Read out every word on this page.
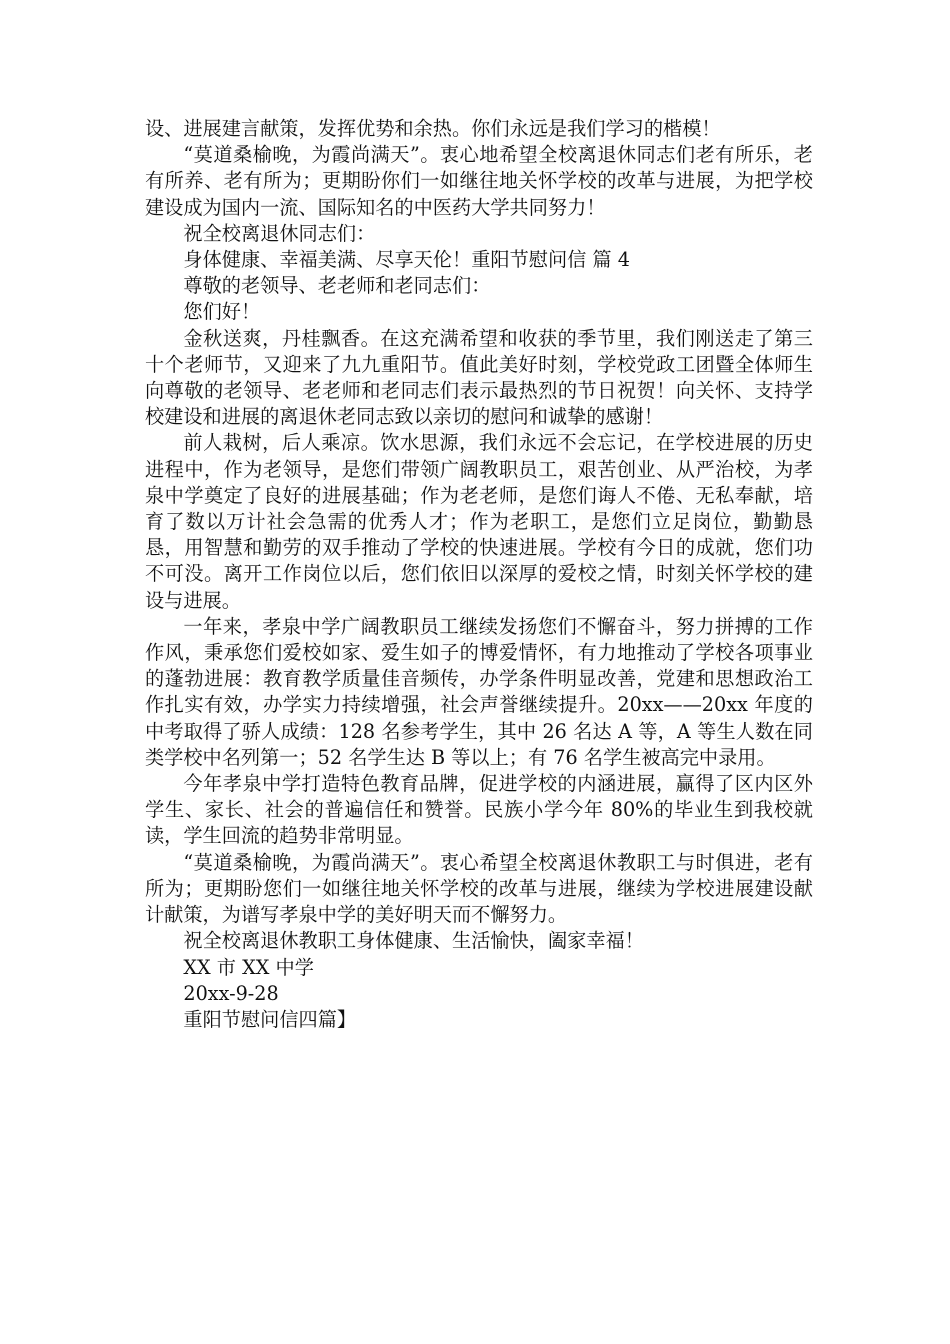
设、进展建言献策，发挥优势和余热。你们永远是我们学习的楷模！

“莫道桑榆晚，为霞尚满天”。衷心地希望全校离退休同志们老有所乐，老有所养、老有所为；更期盼你们一如继往地关怀学校的改革与进展，为把学校建设成为国内一流、国际知名的中医药大学共同努力！

祝全校离退休同志们：

身体健康、幸福美满、尽享天伦！重阳节慰问信 篇 4

尊敬的老领导、老老师和老同志们：

您们好！

金秋送爽，丹桂飘香。在这充满希望和收获的季节里，我们刚送走了第三十个老师节，又迎来了九九重阳节。值此美好时刻，学校党政工团暨全体师生向尊敬的老领导、老老师和老同志们表示最热烈的节日祝贺！向关怀、支持学校建设和进展的离退休老同志致以亲切的慰问和诚挚的感谢！

前人栽树，后人乘凉。饮水思源，我们永远不会忘记，在学校进展的历史进程中，作为老领导，是您们带领广阔教职员工，艰苦创业、从严治校，为孝泉中学奠定了良好的进展基础；作为老老师，是您们诲人不倦、无私奉献，培育了数以万计社会急需的优秀人才；作为老职工，是您们立足岗位，勤勤恳恳，用智慧和勤劳的双手推动了学校的快速进展。学校有今日的成就，您们功不可没。离开工作岗位以后，您们依旧以深厚的爱校之情，时刻关怀学校的建设与进展。

一年来，孝泉中学广阔教职员工继续发扬您们不懈奋斗，努力拼搏的工作作风，秉承您们爱校如家、爱生如子的博爱情怀，有力地推动了学校各项事业的蓬勃进展：教育教学质量佳音频传，办学条件明显改善，党建和思想政治工作扎实有效，办学实力持续增强，社会声誉继续提升。20xx——20xx 年度的中考取得了骄人成绩：128 名参考学生，其中 26 名达 A 等，A 等生人数在同类学校中名列第一；52 名学生达 B 等以上；有 76 名学生被高完中录用。

今年孝泉中学打造特色教育品牌，促进学校的内涵进展，赢得了区内区外学生、家长、社会的普遍信任和赞誉。民族小学今年 80%的毕业生到我校就读，学生回流的趋势非常明显。

“莫道桑榆晚，为霞尚满天”。衷心希望全校离退休教职工与时俱进，老有所为；更期盼您们一如继往地关怀学校的改革与进展，继续为学校进展建设献计献策，为谱写孝泉中学的美好明天而不懈努力。

祝全校离退休教职工身体健康、生活愉快，阖家幸福！

XX 市 XX 中学

20xx-9-28

重阳节慰问信四篇】
